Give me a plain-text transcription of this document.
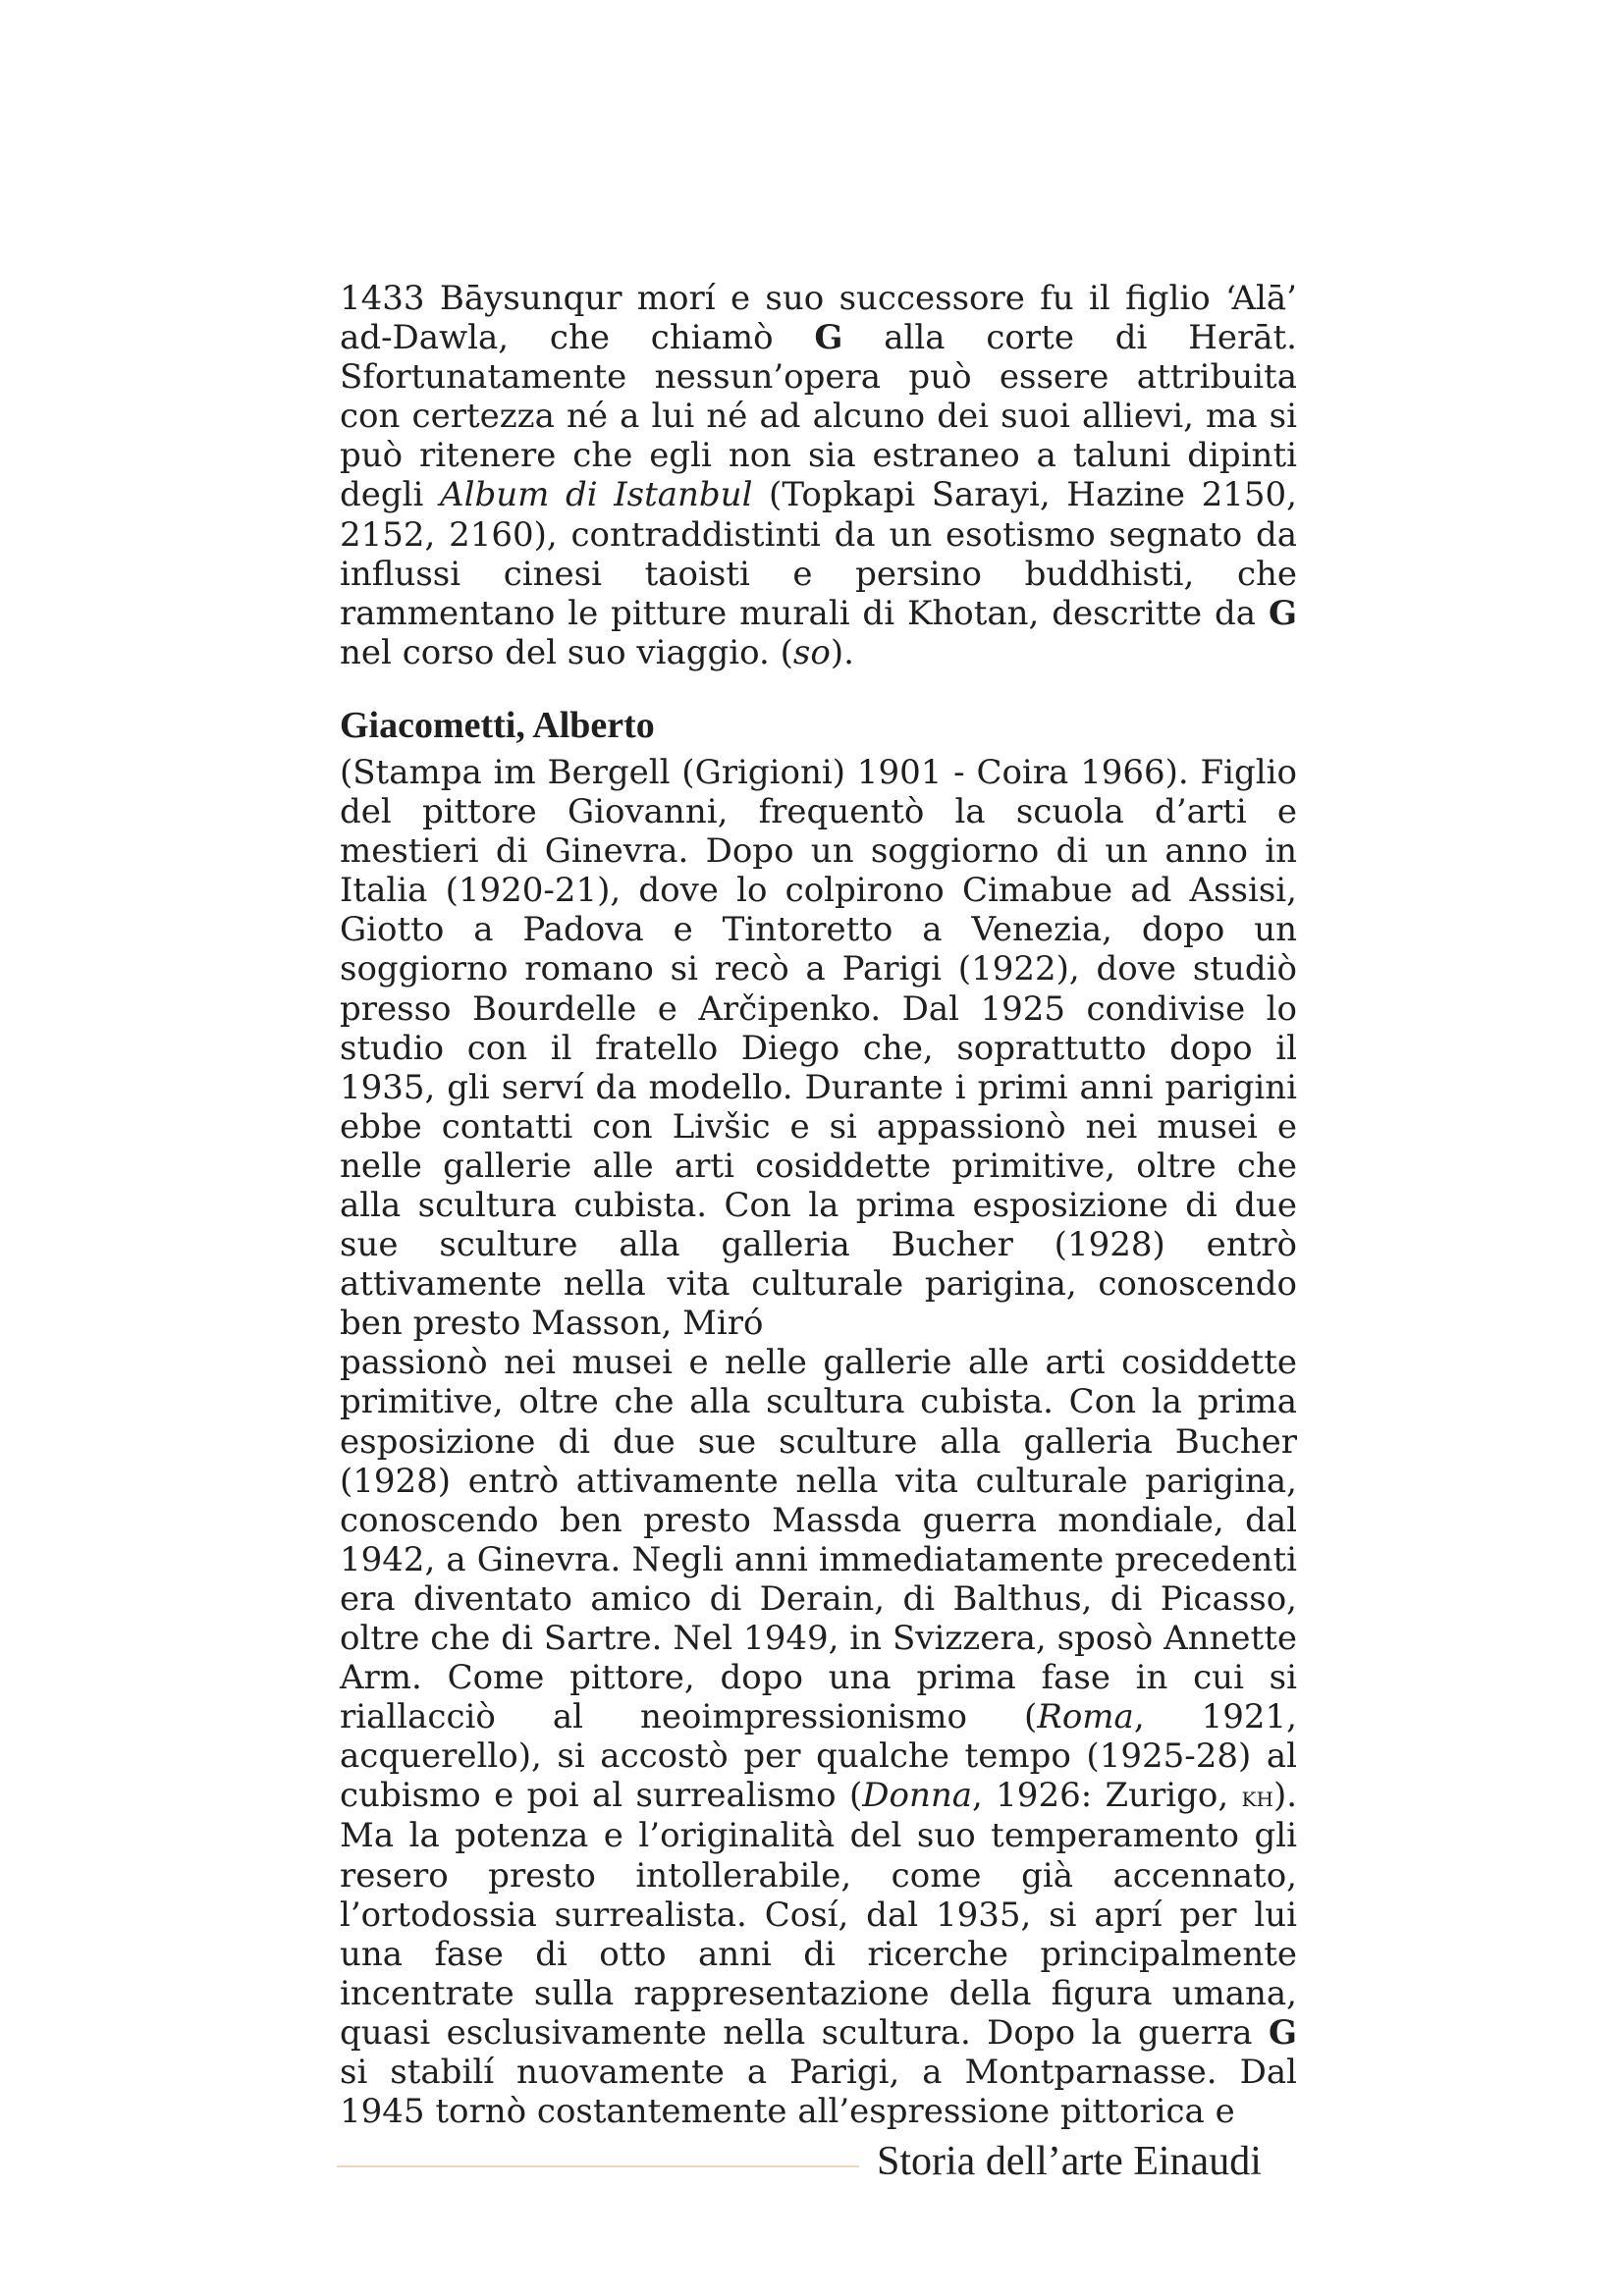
1433 Bāysunqur morí e suo successore fu il figlio ‘Alā’ ad-Dawla, che chiamò G alla corte di Herāt. Sfortunatamente nessun’opera può essere attribuita con certezza né a lui né ad alcuno dei suoi allievi, ma si può ritenere che egli non sia estraneo a taluni dipinti degli Album di Istanbul (Topkapi Sarayi, Hazine 2150, 2152, 2160), contraddistinti da un esotismo segnato da influssi cinesi taoisti e persino buddhisti, che rammentano le pitture murali di Khotan, descritte da G nel corso del suo viaggio. (so).

Giacometti, Alberto

(Stampa im Bergell (Grigioni) 1901 - Coira 1966). Figlio del pittore Giovanni, frequentò la scuola d’arti e mestieri di Ginevra. Dopo un soggiorno di un anno in Italia (1920-21), dove lo colpirono Cimabue ad Assisi, Giotto a Padova e Tintoretto a Venezia, dopo un soggiorno romano si recò a Parigi (1922), dove studiò presso Bourdelle e Arčipenko. Dal 1925 condivise lo studio con il fratello Diego che, soprattutto dopo il 1935, gli serví da modello. Durante i primi anni parigini ebbe contatti con Livšic e si appassionò nei musei e nelle gallerie alle arti cosiddette primitive, oltre che alla scultura cubista. Con la prima esposizione di due sue sculture alla galleria Bucher (1928) entrò attivamente nella vita culturale parigina, conoscendo ben presto Masson, Miró

passionò nei musei e nelle gallerie alle arti cosiddette primitive, oltre che alla scultura cubista. Con la prima esposizione di due sue sculture alla galleria Bucher (1928) entrò attivamente nella vita culturale parigina, conoscendo ben presto Massda guerra mondiale, dal 1942, a Ginevra. Negli anni immediatamente precedenti era diventato amico di Derain, di Balthus, di Picasso, oltre che di Sartre. Nel 1949, in Svizzera, sposò Annette Arm. Come pittore, dopo una prima fase in cui si riallacciò al neoimpressionismo (Roma, 1921, acquerello), si accostò per qualche tempo (1925-28) al cubismo e poi al surrealismo (Donna, 1926: Zurigo, kh). Ma la potenza e l’originalità del suo temperamento gli resero presto intollerabile, come già accennato, l’ortodossia surrealista. Cosí, dal 1935, si aprí per lui una fase di otto anni di ricerche principalmente incentrate sulla rappresentazione della figura umana, quasi esclusivamente nella scultura. Dopo la guerra G si stabilí nuovamente a Parigi, a Montparnasse. Dal 1945 tornò costantemente all’espressione pittorica e

Storia dell’arte Einaudi
